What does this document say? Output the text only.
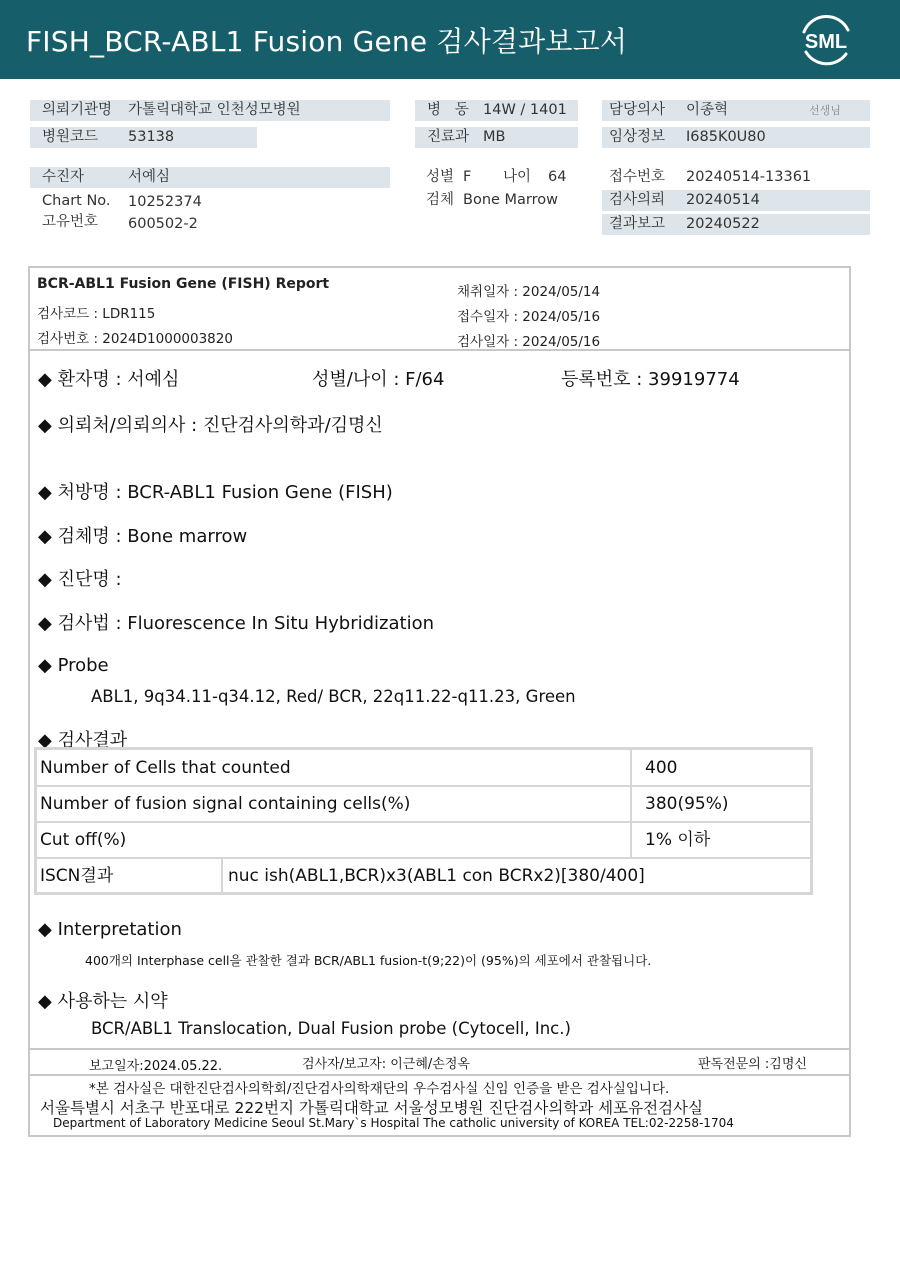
FISH_BCR-ABL1 Fusion Gene 검사결과보고서	SML
의뢰기관명 가톨릭대학교 인천성모병원
병원코드 53138
병   동 14W / 1401
진료과 MB
담당의사 이종혁	선생님
임상정보 I685K0U80
수진자	서예심
Chart No. 10252374
고유번호 600502-2
성별 F 나이 64
검체 Bone Marrow
접수번호 20240514-13361
검사의뢰 20240514
결과보고 20240522
BCR-ABL1 Fusion Gene (FISH) Report
검사코드 : LDR115
검사번호 : 2024D1000003820
채취일자 : 2024/05/14
접수일자 : 2024/05/16
검사일자 : 2024/05/16
◆ 환자명 : 서예심	성별/나이 : F/64	등록번호 : 39919774
◆ 의뢰처/의뢰의사 : 진단검사의학과/김명신
◆ 처방명 : BCR-ABL1 Fusion Gene (FISH)
◆ 검체명 : Bone marrow
◆ 진단명 :
◆ 검사법 : Fluorescence In Situ Hybridization
◆ Probe
ABL1, 9q34.11-q34.12, Red/ BCR, 22q11.22-q11.23, Green
◆ 검사결과
Number of Cells that counted	400
Number of fusion signal containing cells(%)	380(95%)
Cut off(%)	1% 이하
ISCN결과	nuc ish(ABL1,BCR)x3(ABL1 con BCRx2)[380/400]
◆ Interpretation
400개의 Interphase cell을 관찰한 결과 BCR/ABL1 fusion-t(9;22)이 (95%)의 세포에서 관찰됩니다.
◆ 사용하는 시약
BCR/ABL1 Translocation, Dual Fusion probe (Cytocell, Inc.)
보고일자:2024.05.22.	검사자/보고자: 이근혜/손정옥	판독전문의 :김명신
*본 검사실은 대한진단검사의학회/진단검사의학재단의 우수검사실 신임 인증을 받은 검사실입니다.
서울특별시 서초구 반포대로 222번지 가톨릭대학교 서울성모병원 진단검사의학과 세포유전검사실
Department of Laboratory Medicine Seoul St.Mary`s Hospital The catholic university of KOREA TEL:02-2258-1704
